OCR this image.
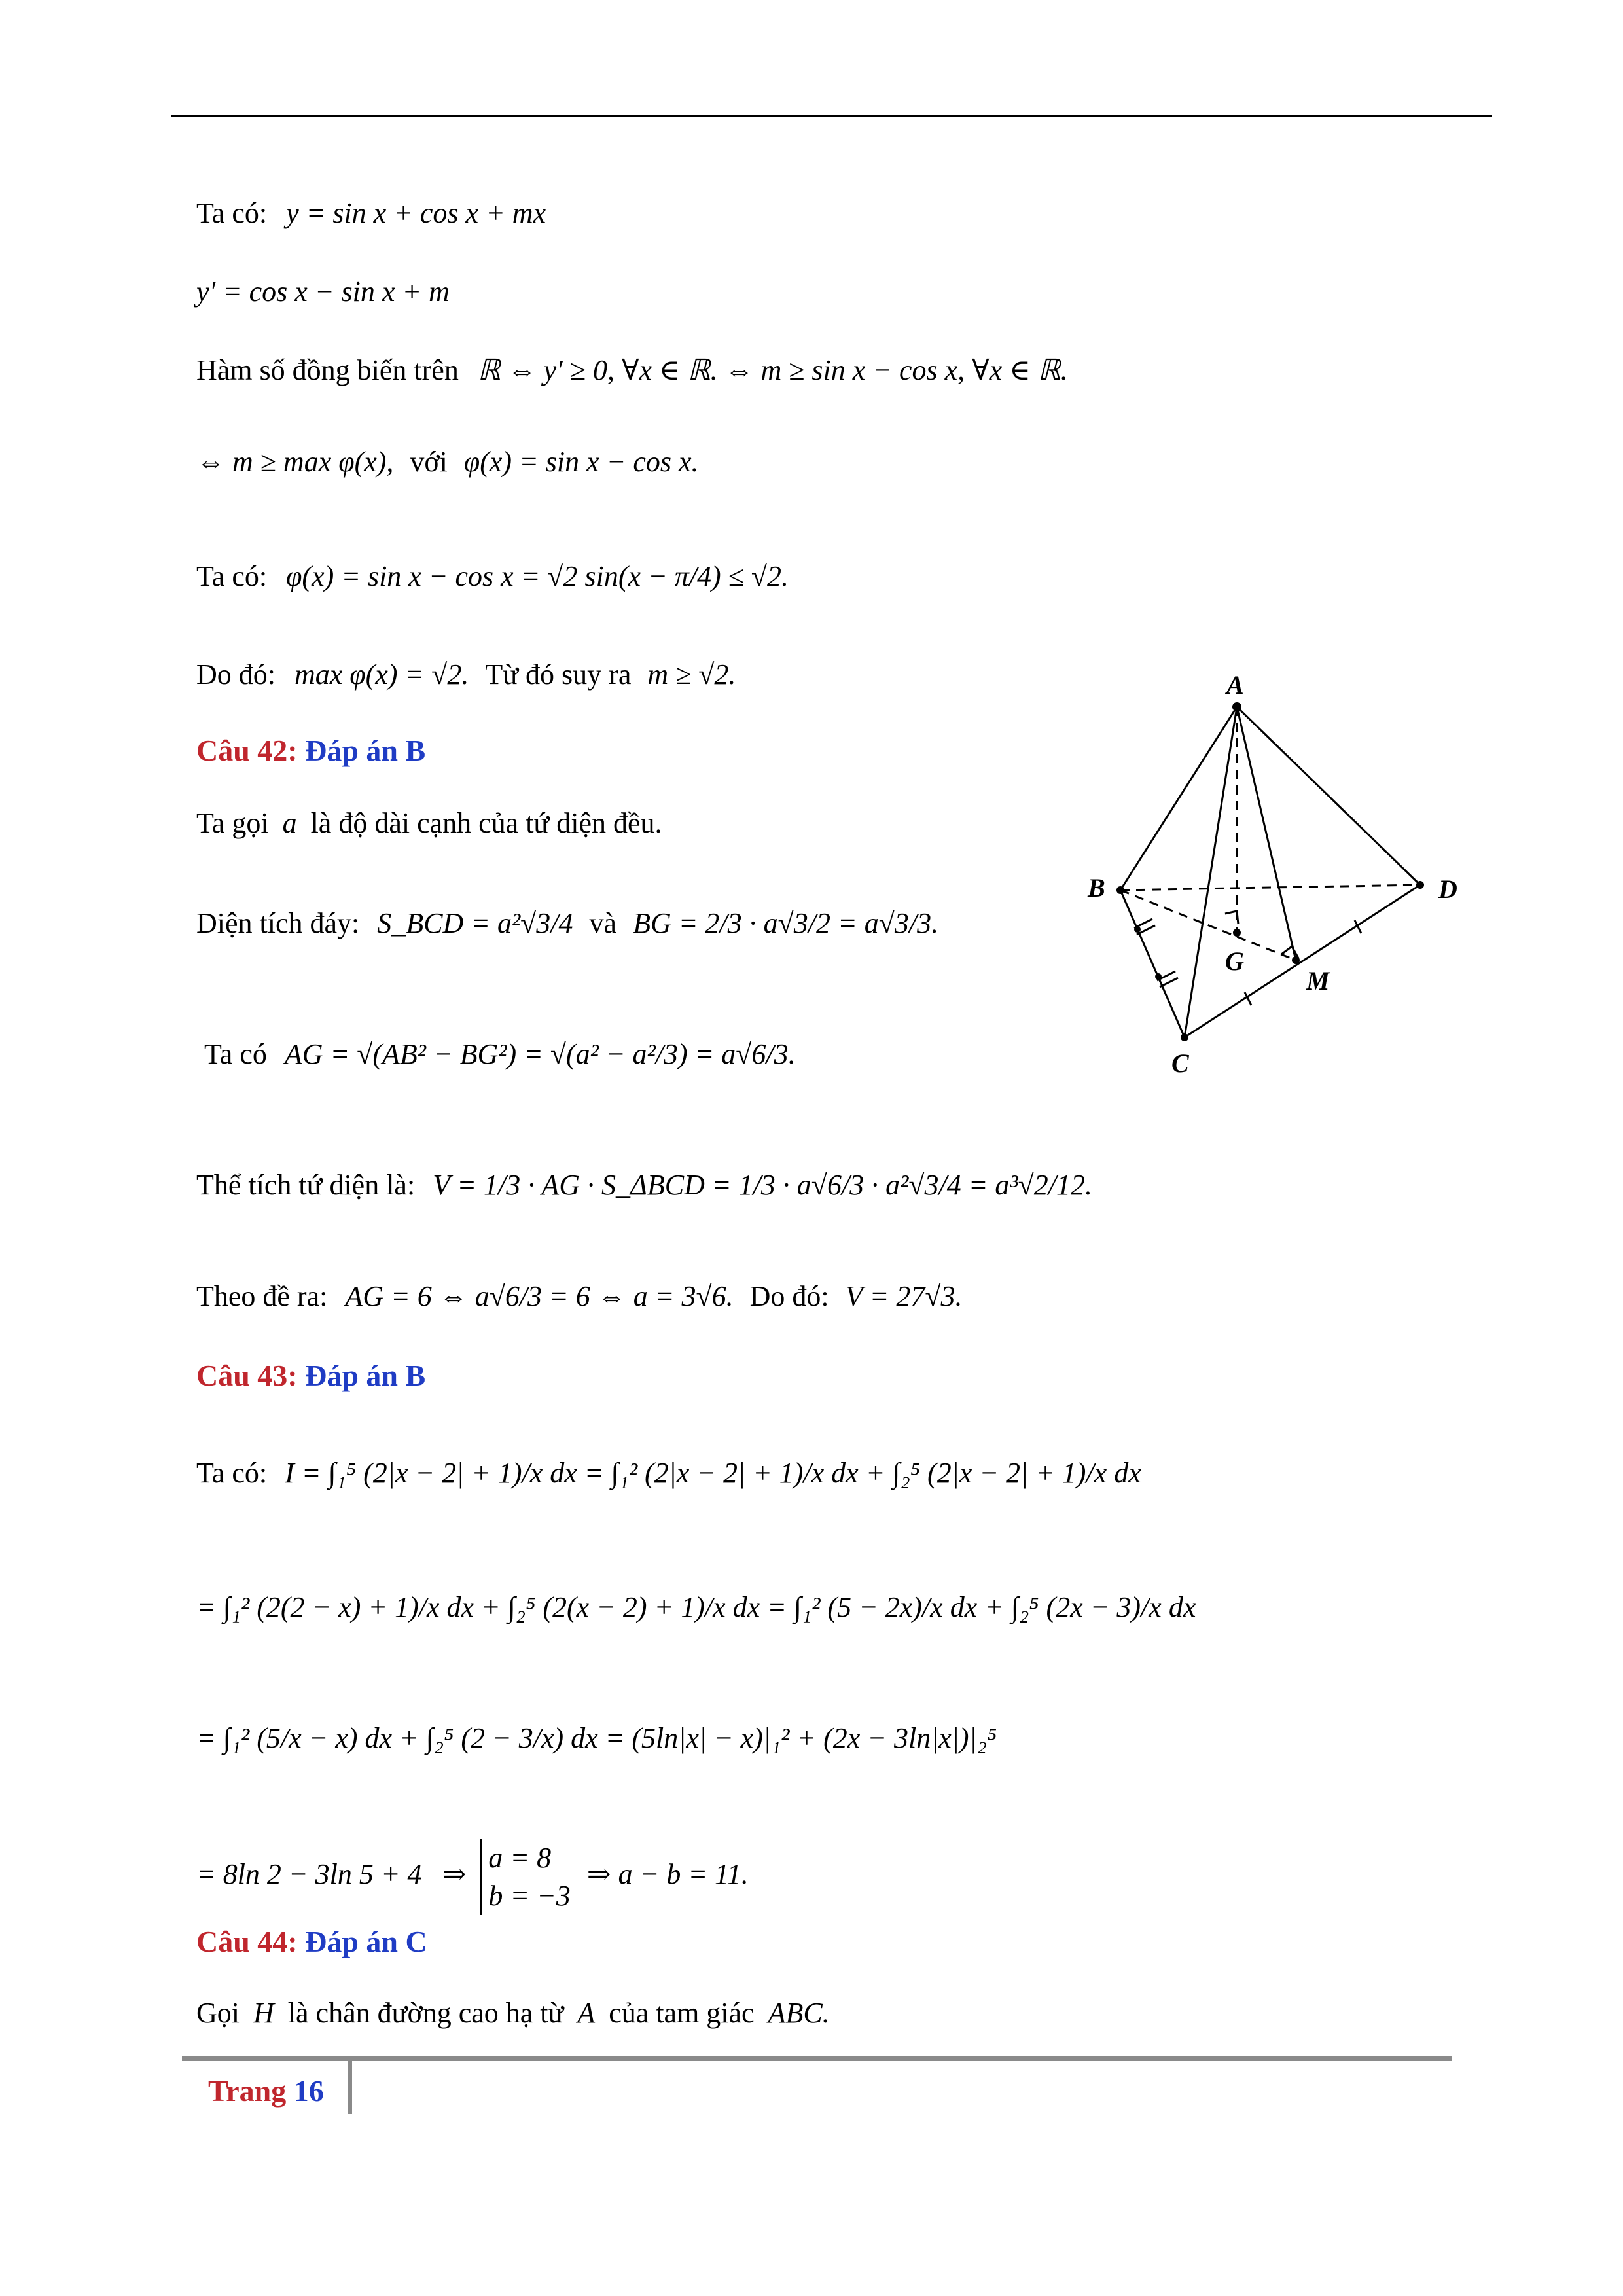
Ta có: y = sin x + cos x + mx
y' = cos x − sin x + m
Hàm số đồng biến trên ℝ ⇔ y′ ≥ 0, ∀x ∈ ℝ. ⇔ m ≥ sin x − cos x, ∀x ∈ ℝ.
⇔ m ≥ max φ(x), với φ(x) = sin x − cos x.
Ta có: φ(x) = sin x − cos x = √2 sin(x − π/4) ≤ √2.
Do đó: max φ(x) = √2. Từ đó suy ra m ≥ √2.
Câu 42: Đáp án B
Ta gọi a là độ dài cạnh của tứ diện đều.
Diện tích đáy: S_BCD = a²√3/4 và BG = 2/3 · a√3/2 = a√3/3.
Ta có AG = √(AB² − BG²) = √(a² − a²/3) = a√6/3.
Thể tích tứ diện là: V = 1/3 · AG · S_ΔBCD = 1/3 · a√6/3 · a²√3/4 = a³√2/12.
Theo đề ra: AG = 6 ⇔ a√6/3 = 6 ⇔ a = 3√6. Do đó: V = 27√3.
A
B
C
D
G
M
Câu 43: Đáp án B
Ta có: I = ∫₁⁵ (2|x − 2| + 1)/x dx = ∫₁² (2|x − 2| + 1)/x dx + ∫₂⁵ (2|x − 2| + 1)/x dx
= ∫₁² (2(2 − x) + 1)/x dx + ∫₂⁵ (2(x − 2) + 1)/x dx = ∫₁² (5 − 2x)/x dx + ∫₂⁵ (2x − 3)/x dx
= ∫₁² (5/x − x) dx + ∫₂⁵ (2 − 3/x) dx = (5ln|x| − x)|₁² + (2x − 3ln|x|)|₂⁵
= 8ln 2 − 3ln 5 + 4 ⇒
a = 8
b = −3
⇒ a − b = 11.
Câu 44: Đáp án C
Gọi H là chân đường cao hạ từ A của tam giác ABC.
Trang 16
